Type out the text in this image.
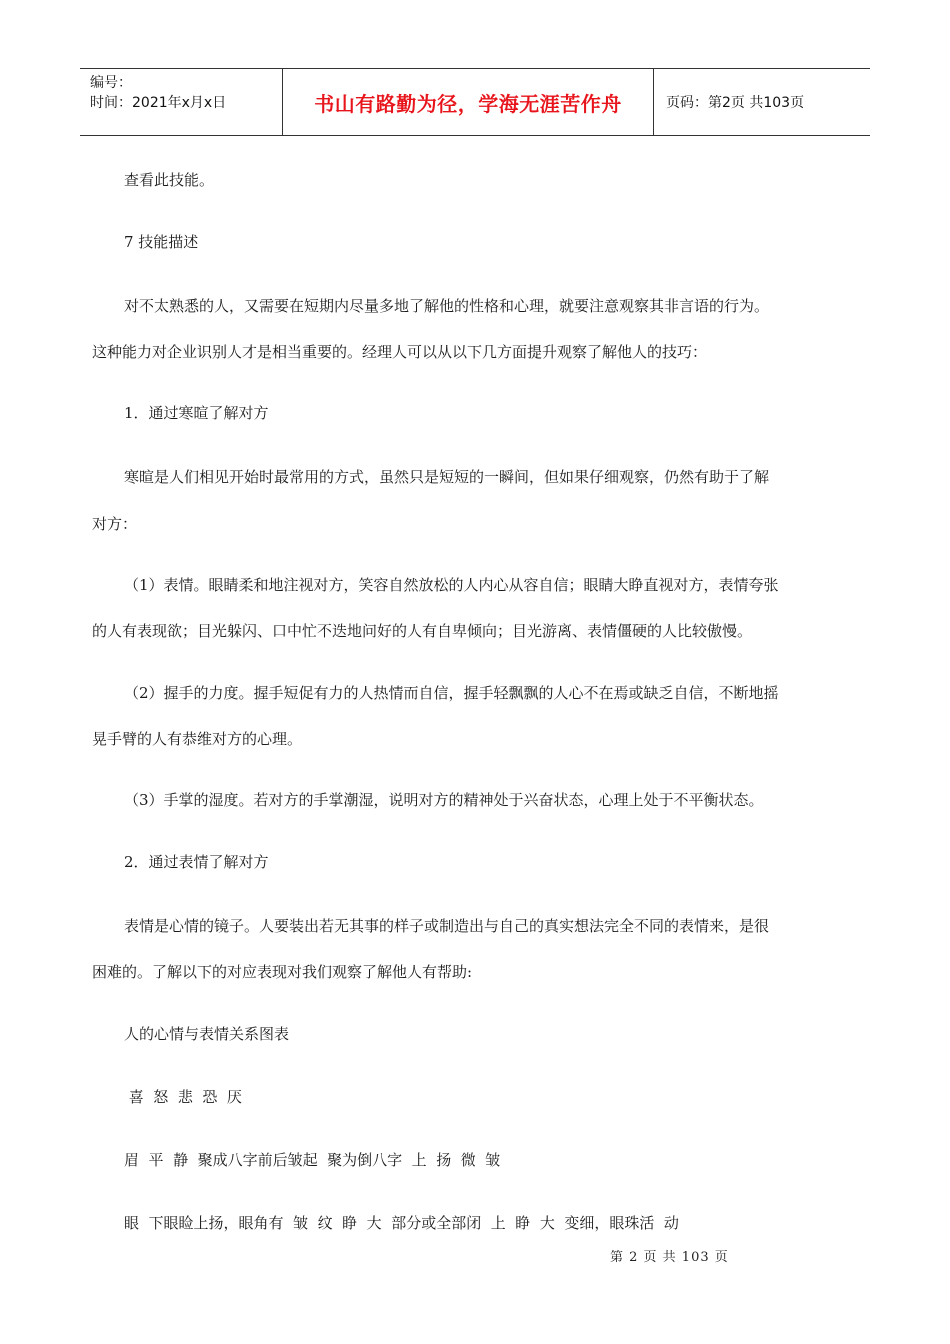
编号：
时间：2021年x月x日	书山有路勤为径，学海无涯苦作舟	页码：第2页 共103页
查看此技能。
7 技能描述
对不太熟悉的人，又需要在短期内尽量多地了解他的性格和心理，就要注意观察其非言语的行为。
这种能力对企业识别人才是相当重要的。经理人可以从以下几方面提升观察了解他人的技巧：
1．通过寒暄了解对方
寒暄是人们相见开始时最常用的方式，虽然只是短短的一瞬间，但如果仔细观察，仍然有助于了解
对方：
（1）表情。眼睛柔和地注视对方，笑容自然放松的人内心从容自信；眼睛大睁直视对方，表情夸张
的人有表现欲；目光躲闪、口中忙不迭地问好的人有自卑倾向；目光游离、表情僵硬的人比较傲慢。
（2）握手的力度。握手短促有力的人热情而自信，握手轻飘飘的人心不在焉或缺乏自信，不断地摇
晃手臂的人有恭维对方的心理。
（3）手掌的湿度。若对方的手掌潮湿，说明对方的精神处于兴奋状态，心理上处于不平衡状态。
2．通过表情了解对方
表情是心情的镜子。人要装出若无其事的样子或制造出与自己的真实想法完全不同的表情来，是很
困难的。了解以下的对应表现对我们观察了解他人有帮助:
人的心情与表情关系图表
喜  怒  悲  恐  厌
眉  平  静  聚成八字前后皱起  聚为倒八字  上  扬  微  皱
眼  下眼睑上扬，眼角有  皱  纹  睁  大  部分或全部闭  上  睁  大  变细，眼珠活  动
第 2 页 共 103 页
